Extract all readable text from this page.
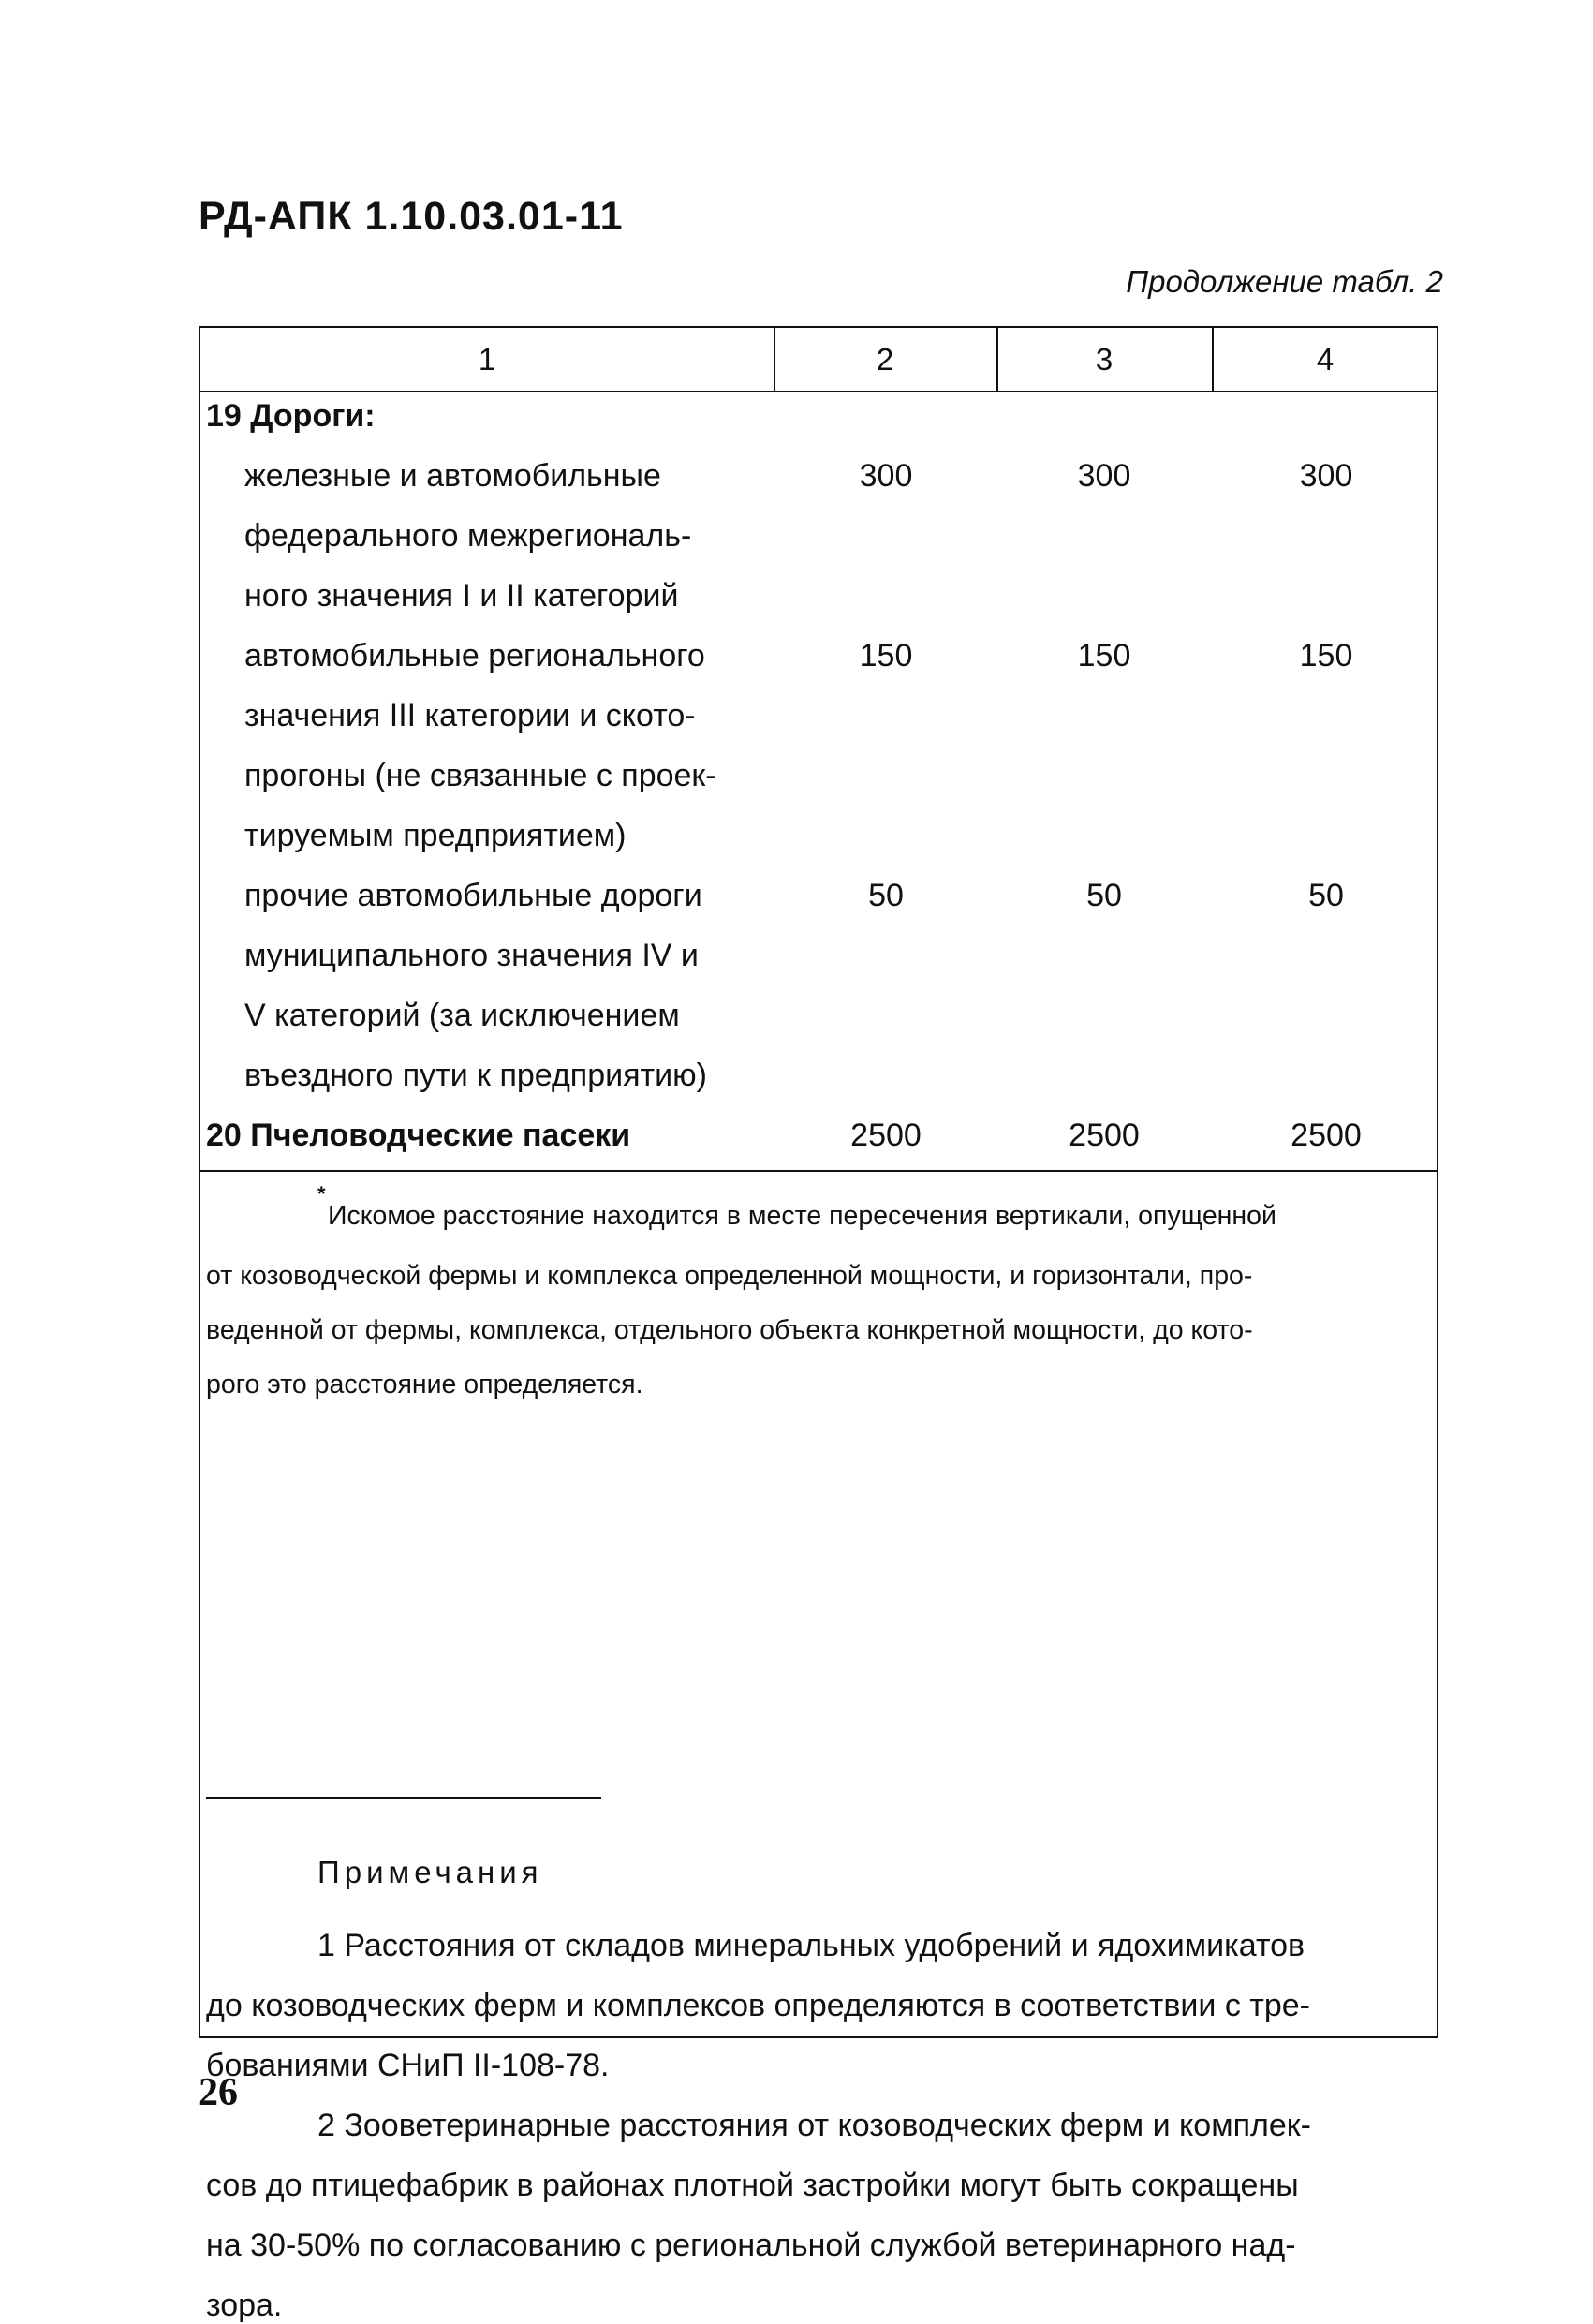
РД-АПК 1.10.03.01-11
Продолжение табл. 2
1	2	3	4
19 Дороги:
железные и автомобильные
федерального межрегиональ-
ного значения I и II категорий
300	300	300
автомобильные регионального
значения III категории и ското-
прогоны (не связанные с проек-
тируемым предприятием)
150	150	150
прочие автомобильные дороги
муниципального значения IV и
V категорий (за исключением
въездного пути к предприятию)
50	50	50
20 Пчеловодческие пасеки	2500	2500	2500
*
Искомое расстояние находится в месте пересечения вертикали, опущенной
от козоводческой фермы и комплекса определенной мощности, и горизонтали, про-
веденной от фермы, комплекса, отдельного объекта конкретной мощности, до кото-
рого это расстояние определяется.
Примечания
1 Расстояния от складов минеральных удобрений и ядохимикатов
до козоводческих ферм и комплексов определяются в соответствии с тре-
бованиями СНиП II-108-78.
2 Зооветеринарные расстояния от козоводческих ферм и комплек-
сов до птицефабрик в районах плотной застройки могут быть сокращены
на 30-50% по согласованию с региональной службой ветеринарного над-
зора.
26
